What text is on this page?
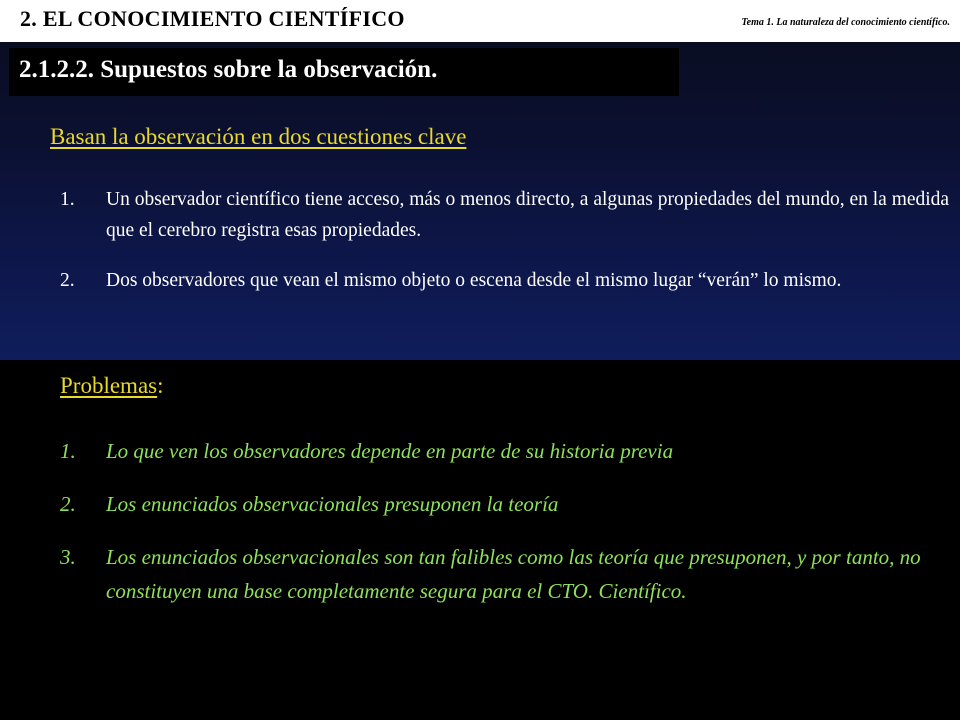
2. EL CONOCIMIENTO CIENTÍFICO	Tema 1. La naturaleza del conocimiento científico.
2.1.2.2. Supuestos sobre la observación.
Basan la observación en dos cuestiones clave
1. Un observador científico tiene acceso, más o menos directo, a algunas propiedades del mundo, en la medida que el cerebro registra esas propiedades.
2. Dos observadores que vean el mismo objeto o escena desde el mismo lugar “verán” lo mismo.
Problemas:
1. Lo que ven los observadores depende en parte de su historia previa
2. Los enunciados observacionales presuponen la teoría
3. Los enunciados observacionales son tan falibles como las teoría que presuponen, y por tanto, no constituyen una base completamente segura para el CTO. Científico.
